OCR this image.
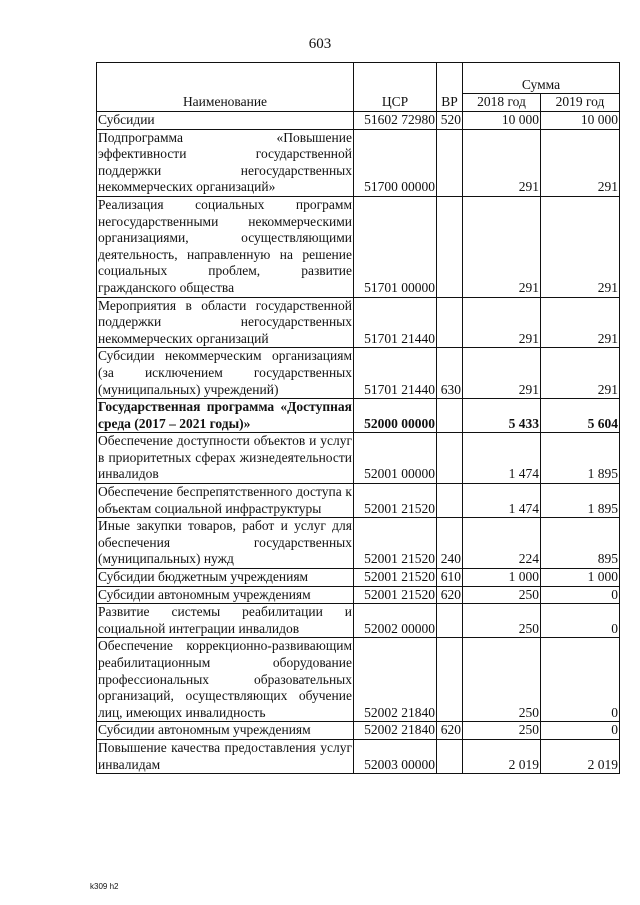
603
Наименование	ЦСР	ВР	Сумма	
			2018 год	2019 год
Субсидии	51602 72980	520	10 000	10 000
Подпрограмма «Повышение эффективности государственной поддержки негосударственных некоммерческих организаций»	51700 00000		291	291
Реализация социальных программ негосударственными некоммерческими организациями, осуществляющими деятельность, направленную на решение социальных проблем, развитие гражданского общества	51701 00000		291	291
Мероприятия в области государственной поддержки негосударственных некоммерческих организаций	51701 21440		291	291
Субсидии некоммерческим организациям (за исключением государственных (муниципальных) учреждений)	51701 21440	630	291	291
Государственная программа «Доступная среда (2017 – 2021 годы)»	52000 00000		5 433	5 604
Обеспечение доступности объектов и услуг в приоритетных сферах жизнедеятельности инвалидов	52001 00000		1 474	1 895
Обеспечение беспрепятственного доступа к объектам социальной инфраструктуры	52001 21520		1 474	1 895
Иные закупки товаров, работ и услуг для обеспечения государственных (муниципальных) нужд	52001 21520	240	224	895
Субсидии бюджетным учреждениям	52001 21520	610	1 000	1 000
Субсидии автономным учреждениям	52001 21520	620	250	0
Развитие системы реабилитации и социальной интеграции инвалидов	52002 00000		250	0
Обеспечение коррекционно-развивающим реабилитационным оборудование профессиональных образовательных организаций, осуществляющих обучение лиц, имеющих инвалидность	52002 21840		250	0
Субсидии автономным учреждениям	52002 21840	620	250	0
Повышение качества предоставления услуг инвалидам	52003 00000		2 019	2 019
k309 h2
